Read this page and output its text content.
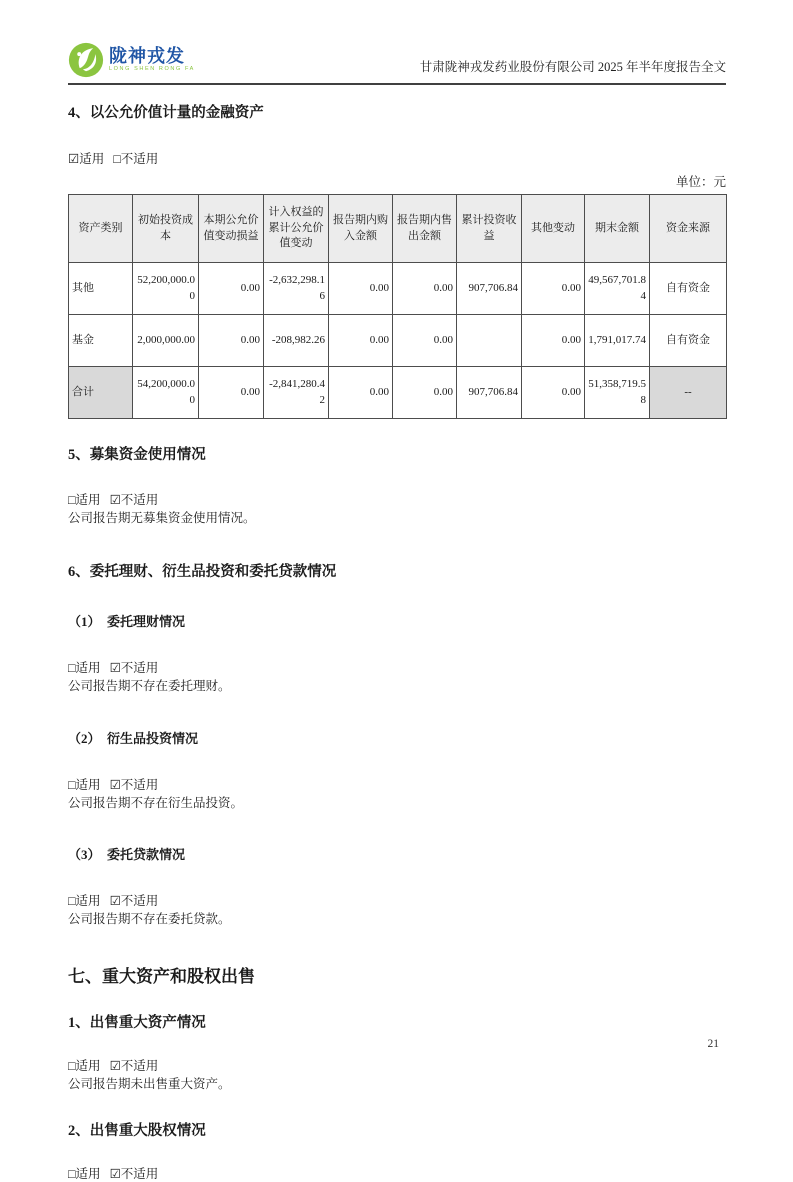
陇神戎发
LONG SHEN RONG FA	甘肃陇神戎发药业股份有限公司 2025 年半年度报告全文
4、以公允价值计量的金融资产
☑适用 □不适用
单位：元
资产类别	初始投资成本	本期公允价值变动损益	计入权益的累计公允价值变动	报告期内购入金额	报告期内售出金额	累计投资收益	其他变动	期末金额	资金来源
其他	52,200,000.00	0.00	-2,632,298.16	0.00	0.00	907,706.84	0.00	49,567,701.84	自有资金
基金	2,000,000.00	0.00	-208,982.26	0.00	0.00		0.00	1,791,017.74	自有资金
合计	54,200,000.00	0.00	-2,841,280.42	0.00	0.00	907,706.84	0.00	51,358,719.58	--
5、募集资金使用情况
□适用 ☑不适用
公司报告期无募集资金使用情况。
6、委托理财、衍生品投资和委托贷款情况
（1）　委托理财情况
□适用 ☑不适用
公司报告期不存在委托理财。
（2）　衍生品投资情况
□适用 ☑不适用
公司报告期不存在衍生品投资。
（3）　委托贷款情况
□适用 ☑不适用
公司报告期不存在委托贷款。
七、重大资产和股权出售
1、出售重大资产情况
□适用 ☑不适用
公司报告期未出售重大资产。
2、出售重大股权情况
□适用 ☑不适用
21
